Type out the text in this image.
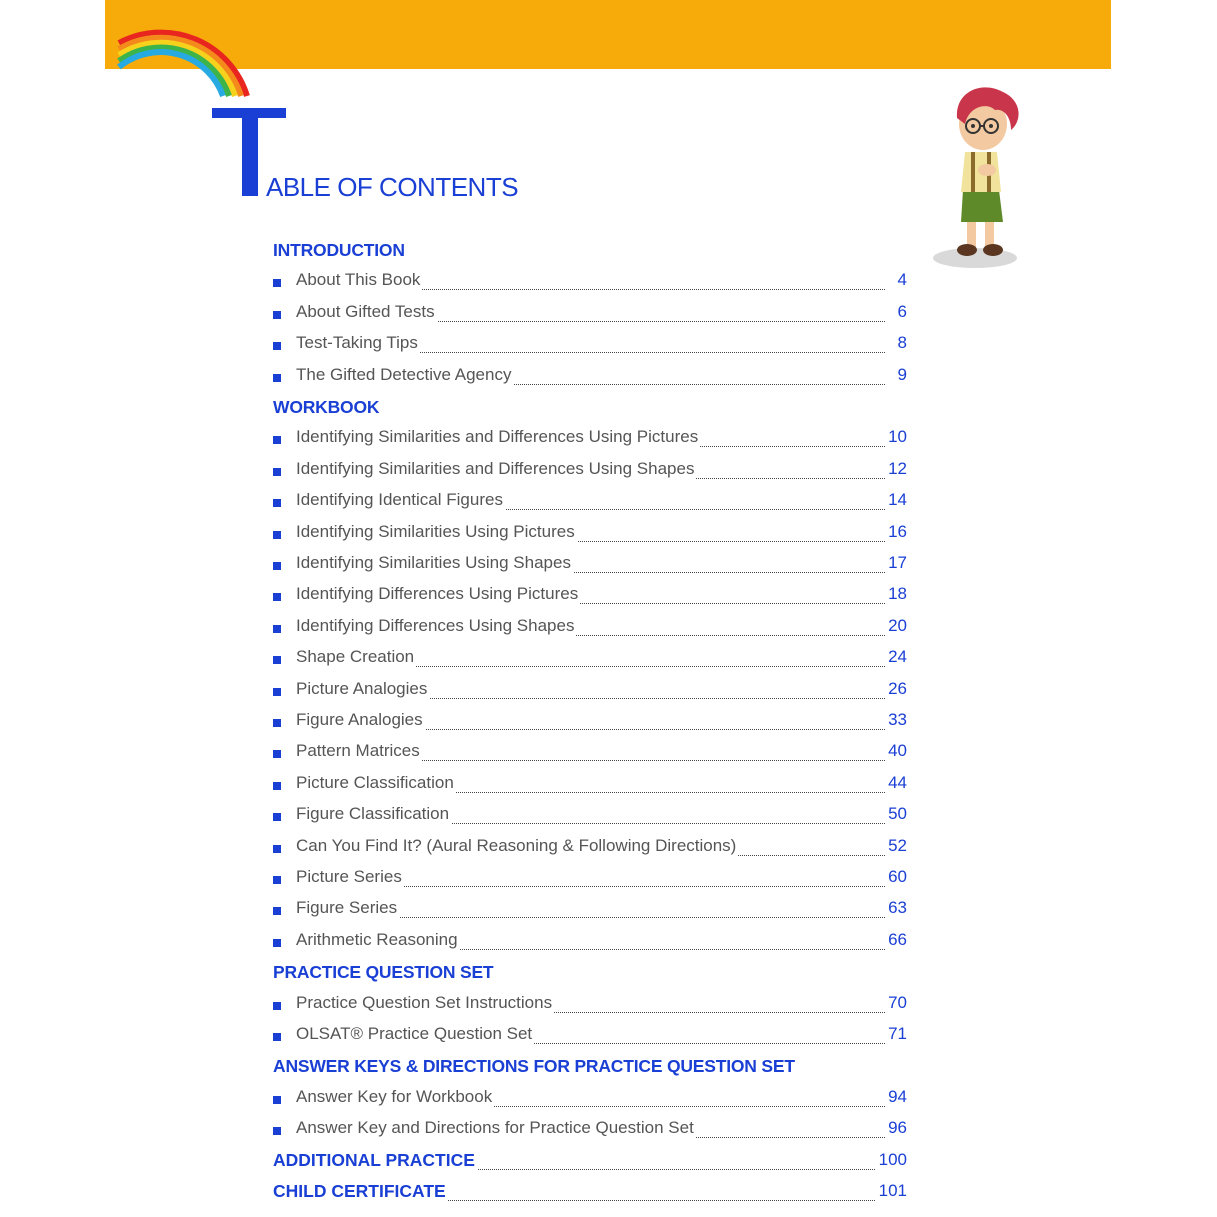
ABLE OF CONTENTS
INTRODUCTION
About This Book	4
About Gifted Tests	6
Test-Taking Tips	8
The Gifted Detective Agency	9
WORKBOOK
Identifying Similarities and Differences Using Pictures	10
Identifying Similarities and Differences Using Shapes	12
Identifying Identical Figures	14
Identifying Similarities Using Pictures	16
Identifying Similarities Using Shapes	17
Identifying Differences Using Pictures	18
Identifying Differences Using Shapes	20
Shape Creation	24
Picture Analogies	26
Figure Analogies	33
Pattern Matrices	40
Picture Classification	44
Figure Classification	50
Can You Find It? (Aural Reasoning & Following Directions)	52
Picture Series	60
Figure Series	63
Arithmetic Reasoning	66
PRACTICE QUESTION SET
Practice Question Set Instructions	70
OLSAT® Practice Question Set	71
ANSWER KEYS & DIRECTIONS FOR PRACTICE QUESTION SET
Answer Key for Workbook	94
Answer Key and Directions for Practice Question Set	96
ADDITIONAL PRACTICE	100
CHILD CERTIFICATE	101
